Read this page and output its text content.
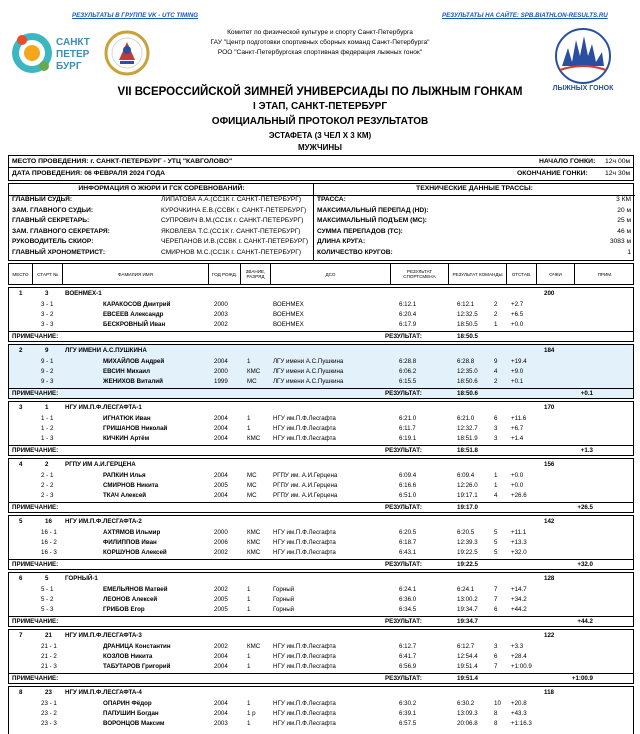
РЕЗУЛЬТАТЫ В ГРУППЕ VK - UTC TIMING	РЕЗУЛЬТАТЫ НА САЙТЕ: SPB.BIATHLON-RESULTS.RU
САНКТ
ПЕТЕР
БУРГ
Комитет по физической культуре и спорту Санкт-Петербурга
ГАУ "Центр подготовки спортивных сборных команд Санкт-Петербурга"
РОО "Санкт-Петербургская спортивная федерация лыжных гонок"
ЛЫЖНЫХ ГОНОК
VII ВСЕРОССИЙСКОЙ ЗИМНЕЙ УНИВЕРСИАДЫ ПО ЛЫЖНЫМ ГОНКАМ
I ЭТАП, САНКТ-ПЕТЕРБУРГ
ОФИЦИАЛЬНЫЙ ПРОТОКОЛ РЕЗУЛЬТАТОВ
ЭСТАФЕТА (3 ЧЕЛ X 3 КМ)
МУЖЧИНЫ
МЕСТО ПРОВЕДЕНИЯ: г. САНКТ-ПЕТЕРБУРГ - УТЦ "КАВГОЛОВО"	НАЧАЛО ГОНКИ: 12ч 00м
ДАТА ПРОВЕДЕНИЯ: 06 ФЕВРАЛЯ 2024 ГОДА	ОКОНЧАНИЕ ГОНКИ:	12ч 30м
ИНФОРМАЦИЯ О ЖЮРИ И ГСК СОРЕВНОВАНИЙ:
ГЛАВНЫЙ СУДЬЯ:	ЛИПАТОВА А.А.(СС1К г. САНКТ-ПЕТЕРБУРГ)
ЗАМ. ГЛАВНОГО СУДЬИ:	КУРОЧКИНА Е.В.(ССВК г. САНКТ-ПЕТЕРБУРГ)
ГЛАВНЫЙ СЕКРЕТАРЬ:	СУПРОВИЧ В.М.(СС1К г. САНКТ-ПЕТЕРБУРГ)
ЗАМ. ГЛАВНОГО СЕКРЕТАРЯ:	ЯКОВЛЕВА Т.С.(СС1К г. САНКТ-ПЕТЕРБУРГ)
РУКОВОДИТЕЛЬ СКИОР:	ЧЕРЕПАНОВ И.В.(ССВК г. САНКТ-ПЕТЕРБУРГ)
ГЛАВНЫЙ ХРОНОМЕТРИСТ:	СМИРНОВ М.С.(СС1К г. САНКТ-ПЕТЕРБУРГ)
ТЕХНИЧЕСКИЕ ДАННЫЕ ТРАССЫ:
ТРАССА:	3 КМ
МАКСИМАЛЬНЫЙ ПЕРЕПАД (HD):	20 м
МАКСИМАЛЬНЫЙ ПОДЪЕМ (MC):	25 м
СУММА ПЕРЕПАДОВ (TC):	46 м
ДЛИНА КРУГА:	3083 м
КОЛИЧЕСТВО КРУГОВ:	1
МЕСТО	СТАРТ №	ФАМИЛИЯ ИМЯ	ГОД РОЖД.	ЗВАНИЕ, РАЗРЯД	ДСО	РЕЗУЛЬТАТ СПОРТСМЕНА	РЕЗУЛЬТАТ КОМАНДЫ	ОТСТАВ.	ОЧКИ	ПРИМ.
1	3	ВОЕНМЕХ-1	200
3 - 1	КАРАКОСОВ Дмитрий	2000	ВОЕНМЕХ	6:12.1	6:12.1	2 +2.7
3 - 2	ЕВСЕЕВ Александр	2003	ВОЕНМЕХ	6:20.4	12:32.5	2 +6.5
3 - 3	БЕСКРОВНЫЙ Иван	2002	ВОЕНМЕХ	6:17.9	18:50.5	1 +0.0
ПРИМЕЧАНИЕ:	РЕЗУЛЬТАТ:	18:50.5
2	9	ЛГУ ИМЕНИ А.С.ПУШКИНА	184
9 - 1	МИХАЙЛОВ Андрей	2004	1	ЛГУ имени А.С.Пушкина	6:28.8	6:28.8	9 +19.4
9 - 2	ЕВСИН Михаил	2000	КМС ЛГУ имени А.С.Пушкина	6:06.2	12:35.0	4 +9.0
9 - 3	ЖЕНИХОВ Виталий	1999	МС	ЛГУ имени А.С.Пушкина	6:15.5	18:50.6	2 +0.1
ПРИМЕЧАНИЕ:	РЕЗУЛЬТАТ:	18:50.6	+0.1
3	1	НГУ ИМ.П.Ф.ЛЕСГАФТА-1	170
1 - 1	ИГНАТЮК Иван	2004	1	НГУ им.П.Ф.Лесгафта	6:21.0	6:21.0	6 +11.6
1 - 2	ГРИШАНОВ Николай	2004	1	НГУ им.П.Ф.Лесгафта	6:11.7	12:32.7	3 +6.7
1 - 3	КИЧКИН Артём	2004	КМС НГУ им.П.Ф.Лесгафта	6:19.1	18:51.9	3 +1.4
ПРИМЕЧАНИЕ:	РЕЗУЛЬТАТ:	18:51.8	+1.3
4	2	РГПУ ИМ А.И.ГЕРЦЕНА	156
2 - 1	РАПКИН Илья	2004	МС	РГПУ им. А.И.Герцена	6:09.4	6:09.4	1 +0.0
2 - 2	СМИРНОВ Никита	2005	МС	РГПУ им. А.И.Герцена	6:16.6	12:26.0	1 +0.0
2 - 3	ТКАЧ Алексей	2004	МС	РГПУ им. А.И.Герцена	6:51.0	19:17.1	4 +26.6
ПРИМЕЧАНИЕ:	РЕЗУЛЬТАТ:	19:17.0	+26.5
5	16 НГУ ИМ.П.Ф.ЛЕСГАФТА-2	142
16 - 1	АХТЯМОВ Ильмир	2000	КМС НГУ им.П.Ф.Лесгафта	6:20.5	6:20.5	5 +11.1
16 - 2	ФИЛИППОВ Иван	2006	КМС НГУ им.П.Ф.Лесгафта	6:18.7	12:39.3	5 +13.3
16 - 3	КОРШУНОВ Алексей	2002	КМС НГУ им.П.Ф.Лесгафта	6:43.1	19:22.5	5 +32.0
ПРИМЕЧАНИЕ:	РЕЗУЛЬТАТ:	19:22.5	+32.0
6	5	ГОРНЫЙ-1	128
5 - 1	ЕМЕЛЬЯНОВ Матвей	2002	1	Горный	6:24.1	6:24.1	7 +14.7
5 - 2	ЛЕОНОВ Алексей	2005	1	Горный	6:36.0	13:00.2	7 +34.2
5 - 3	ГРИБОВ Егор	2005	1	Горный	6:34.5	19:34.7	6 +44.2
ПРИМЕЧАНИЕ:	РЕЗУЛЬТАТ:	19:34.7	+44.2
7	21 НГУ ИМ.П.Ф.ЛЕСГАФТА-3	122
21 - 1	ДРАНИЦА Константин	2002	КМС НГУ им.П.Ф.Лесгафта	6:12.7	6:12.7	3 +3.3
21 - 2	КОЗЛОВ Никита	2004	1	НГУ им.П.Ф.Лесгафта	6:41.7	12:54.4	6 +28.4
21 - 3	ТАБУТАРОВ Григорий	2004	1	НГУ им.П.Ф.Лесгафта	6:56.9	19:51.4	7 +1:00.9
ПРИМЕЧАНИЕ:	РЕЗУЛЬТАТ:	19:51.4	+1:00.9
8	23 НГУ ИМ.П.Ф.ЛЕСГАФТА-4	118
23 - 1	ОПАРИН Фёдор	2004	1	НГУ им.П.Ф.Лесгафта	6:30.2	6:30.2	10 +20.8
23 - 2	ПАПУШИН Богдан	2004	1 р	НГУ им.П.Ф.Лесгафта	6:39.1	13:09.3	8 +43.3
23 - 3	ВОРОНЦОВ Максим	2003	1	НГУ им.П.Ф.Лесгафта	6:57.5	20:06.8	8 +1:16.3
